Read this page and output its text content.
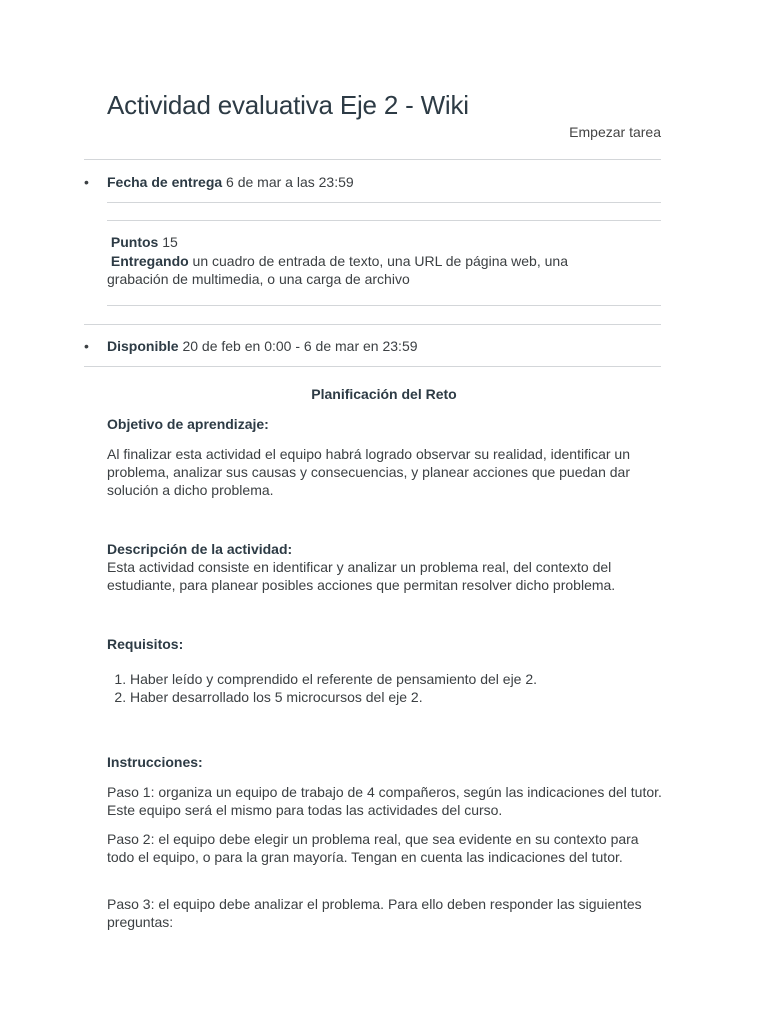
Actividad evaluativa Eje 2 - Wiki
Empezar tarea
• Fecha de entrega 6 de mar a las 23:59
Puntos 15
Entregando un cuadro de entrada de texto, una URL de página web, una grabación de multimedia, o una carga de archivo
• Disponible 20 de feb en 0:00 - 6 de mar en 23:59
Planificación del Reto
Objetivo de aprendizaje:
Al finalizar esta actividad el equipo habrá logrado observar su realidad, identificar un problema, analizar sus causas y consecuencias, y planear acciones que puedan dar solución a dicho problema.
Descripción de la actividad:
Esta actividad consiste en identificar y analizar un problema real, del contexto del estudiante, para planear posibles acciones que permitan resolver dicho problema.
Requisitos:
1. Haber leído y comprendido el referente de pensamiento del eje 2.
2. Haber desarrollado los 5 microcursos del eje 2.
Instrucciones:
Paso 1: organiza un equipo de trabajo de 4 compañeros, según las indicaciones del tutor. Este equipo será el mismo para todas las actividades del curso.
Paso 2: el equipo debe elegir un problema real, que sea evidente en su contexto para todo el equipo, o para la gran mayoría. Tengan en cuenta las indicaciones del tutor.
Paso 3: el equipo debe analizar el problema. Para ello deben responder las siguientes preguntas:
